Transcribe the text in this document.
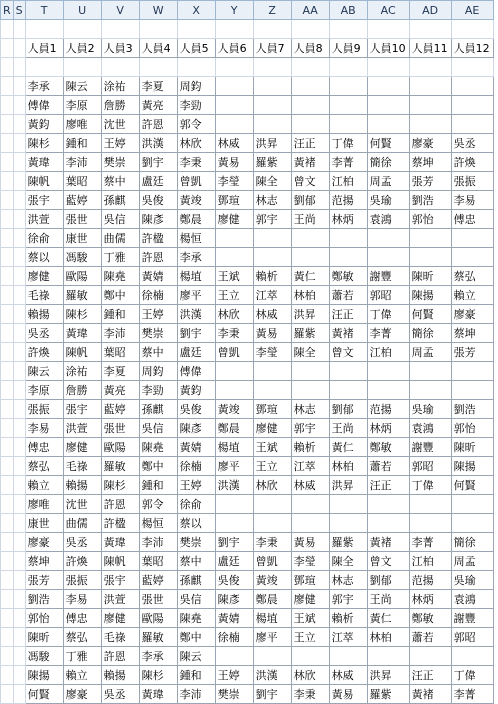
R	S	T	U	V	W	X	Y	Z	AA	AB	AC	AD	AE

		人員1	人員2	人員3	人員4	人員5	人員6	人員7	人員8	人員9	人員10	人員11	人員12

		李承	陳云	涂祐	李夏	周鈞							
		傅偉	李原	詹勝	黃亮	李勁							
		黃鈞	廖唯	沈世	許恩	郭令							
		陳杉	鍾和	王婷	洪漢	林欣	林威	洪昇	汪正	丁偉	何賢	廖豪	吳丞
		黃瑋	李沛	樊崇	劉宇	李秉	黃易	羅紫	黃褚	李菁	簡徐	蔡坤	許煥
		陳帆	葉昭	蔡中	盧廷	曾凱	李瑩	陳全	曾文	江柏	周孟	張芳	張振
		張宇	藍婷	孫麒	吳俊	黃竣	鄧瑄	林志	劉郁	范揚	吳瑜	劉浩	李易
		洪萱	張世	吳信	陳彥	鄭晨	廖健	郭宇	王尚	林炳	袁鴻	郭怡	傅忠
		徐俞	康世	曲儒	許楹	楊恒							
		蔡以	馮駿	丁雅	許恩	李承							
		廖健	歐陽	陳堯	黃婧	楊埴	王斌	賴析	黃仁	鄭敏	謝豐	陳昕	蔡弘
		毛祿	羅敏	鄭中	徐楠	廖平	王立	江萃	林柏	蕭若	郭昭	陳揚	賴立
		賴揚	陳杉	鍾和	王婷	洪漢	林欣	林威	洪昇	汪正	丁偉	何賢	廖豪
		吳丞	黃瑋	李沛	樊崇	劉宇	李秉	黃易	羅紫	黃褚	李菁	簡徐	蔡坤
		許煥	陳帆	葉昭	蔡中	盧廷	曾凱	李瑩	陳全	曾文	江柏	周孟	張芳
		陳云	涂祐	李夏	周鈞	傅偉							
		李原	詹勝	黃亮	李勁	黃鈞							
		張振	張宇	藍婷	孫麒	吳俊	黃竣	鄧瑄	林志	劉郁	范揚	吳瑜	劉浩
		李易	洪萱	張世	吳信	陳彥	鄭晨	廖健	郭宇	王尚	林炳	袁鴻	郭怡
		傅忠	廖健	歐陽	陳堯	黃婧	楊埴	王斌	賴析	黃仁	鄭敏	謝豐	陳昕
		蔡弘	毛祿	羅敏	鄭中	徐楠	廖平	王立	江萃	林柏	蕭若	郭昭	陳揚
		賴立	賴揚	陳杉	鍾和	王婷	洪漢	林欣	林威	洪昇	汪正	丁偉	何賢
		廖唯	沈世	許恩	郭令	徐俞							
		康世	曲儒	許楹	楊恒	蔡以							
		廖豪	吳丞	黃瑋	李沛	樊崇	劉宇	李秉	黃易	羅紫	黃褚	李菁	簡徐
		蔡坤	許煥	陳帆	葉昭	蔡中	盧廷	曾凱	李瑩	陳全	曾文	江柏	周孟
		張芳	張振	張宇	藍婷	孫麒	吳俊	黃竣	鄧瑄	林志	劉郁	范揚	吳瑜
		劉浩	李易	洪萱	張世	吳信	陳彥	鄭晨	廖健	郭宇	王尚	林炳	袁鴻
		郭怡	傅忠	廖健	歐陽	陳堯	黃婧	楊埴	王斌	賴析	黃仁	鄭敏	謝豐
		陳昕	蔡弘	毛祿	羅敏	鄭中	徐楠	廖平	王立	江萃	林柏	蕭若	郭昭
		馮駿	丁雅	許恩	李承	陳云							
		陳揚	賴立	賴揚	陳杉	鍾和	王婷	洪漢	林欣	林威	洪昇	汪正	丁偉
		何賢	廖豪	吳丞	黃瑋	李沛	樊崇	劉宇	李秉	黃易	羅紫	黃褚	李菁
